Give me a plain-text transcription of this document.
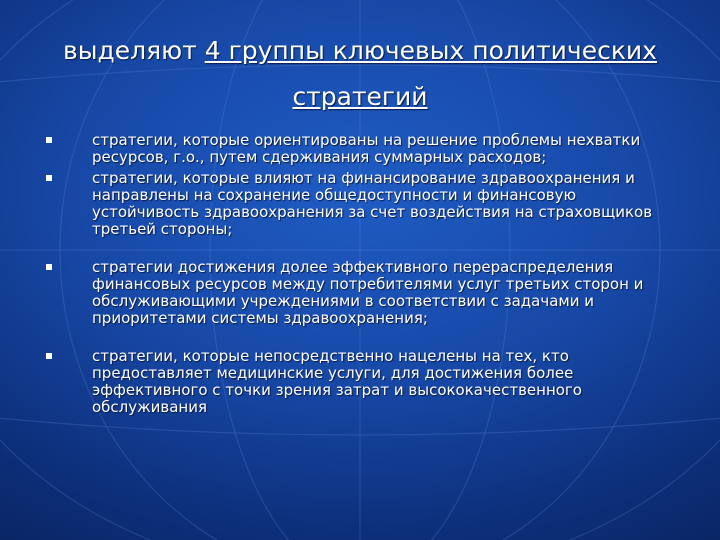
выделяют 4 группы ключевых политических
стратегий
стратегии, которые ориентированы на решение проблемы нехватки ресурсов, г.о., путем сдерживания суммарных расходов;
стратегии, которые влияют на финансирование здравоохранения и направлены на сохранение общедоступности и финансовую устойчивость здравоохранения за счет воздействия на страховщиков третьей стороны;
стратегии достижения долее эффективного перераспределения финансовых ресурсов между потребителями услуг третьих сторон и обслуживающими учреждениями в соответствии с задачами и приоритетами системы здравоохранения;
стратегии, которые непосредственно нацелены на тех, кто предоставляет медицинские услуги, для достижения более эффективного с точки зрения затрат и высококачественного обслуживания
